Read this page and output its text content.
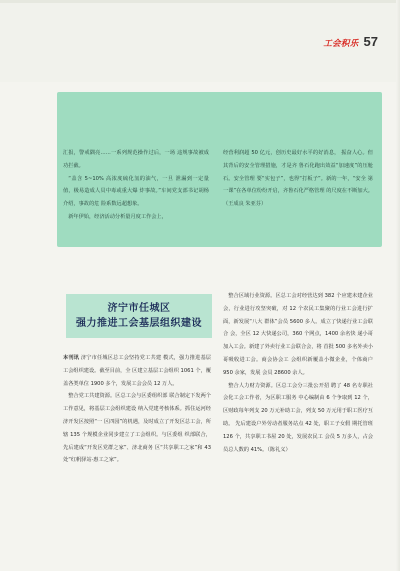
工会积乐 57

汇报，警戒隅亮……一系列规范操作过后，一场 违规事故被成功拦截。

“盖含 5~10% 高浓度硫化氢的油气，一旦 泄漏到一定量值，极易造成人员中毒或重大爆 炸事故。”车间党支部书记胡杨介绍，事故的危 险系数远超想象。

新年伊始，经济活动分析量月度工作会上，

经营利润超 50 亿元，创历史最好水平的好消息， 振奋人心。但其背后的安全管理措施，才是齐 鲁石化跑出效益“加速度”的压舱石。安全管理 要“实包子”，也得“打板子”。新的一年，“安全 第一课”在各单位纷纷开启，齐鲁石化严格管理 的尺度在不断加大。（王成良 朱亚芬）

济宁市任城区
强力推进工会基层组织建设

本刊讯 济宁市任城区总工会坚持党工共建 模式，强力推进基层工会组织建设。截至目前，全 区建立基层工会组织 1061 个，覆盖各类单位 1900 多个，发展工会会员 12 万人。

整合党工共建资源。区总工会与区委组织部 联合制定下发两个工作意见，将基层工会组织建设 纳入党建考核体系。抓住运河经济开发区按照“一 区四园”的机遇，及时成立了开发区总工会，所辖 135 个规模企业同步建立了工会组织。与区委组 织部联合，先后建成“开发区党群之家”、济北商务 区“共享职工之家”和 43 处“红帆驿站·惠工之家”。

整合区域行业资源。区总工会对经营达到 382 个应建未建企业会，行业进行攻坚突破，对 12 个农民工集聚的行业工会进行扩面，新发展“八大 群体”会员 5600 多人。成立了快递行业工会联合 会，全区 12 大快递公司，360 个网点，1400 余名快 递小哥加入工会。新建了外卖行业工会联合会，将 首批 500 多名外卖小哥吸收进工会。商会协会工 会组织新覆盖小微企业，个体商户 950 余家，发展 会员 28600 余人。

整合人力财力资源。区总工会分三批公开招 聘了 48 名专职社会化工会工作者，为区职工服务 中心编制由 6 个争取到 12 个，区财政每年列支 20 万元补助工会，列支 50 万元用于职工医疗互助。 先后建设户外劳动者服务站点 42 处，职工子女假 期托管班 126 个，共享职工书屋 20 处，发展农民工 会员 5 万多人，占会员总人数的 41%。（陈礼义）
